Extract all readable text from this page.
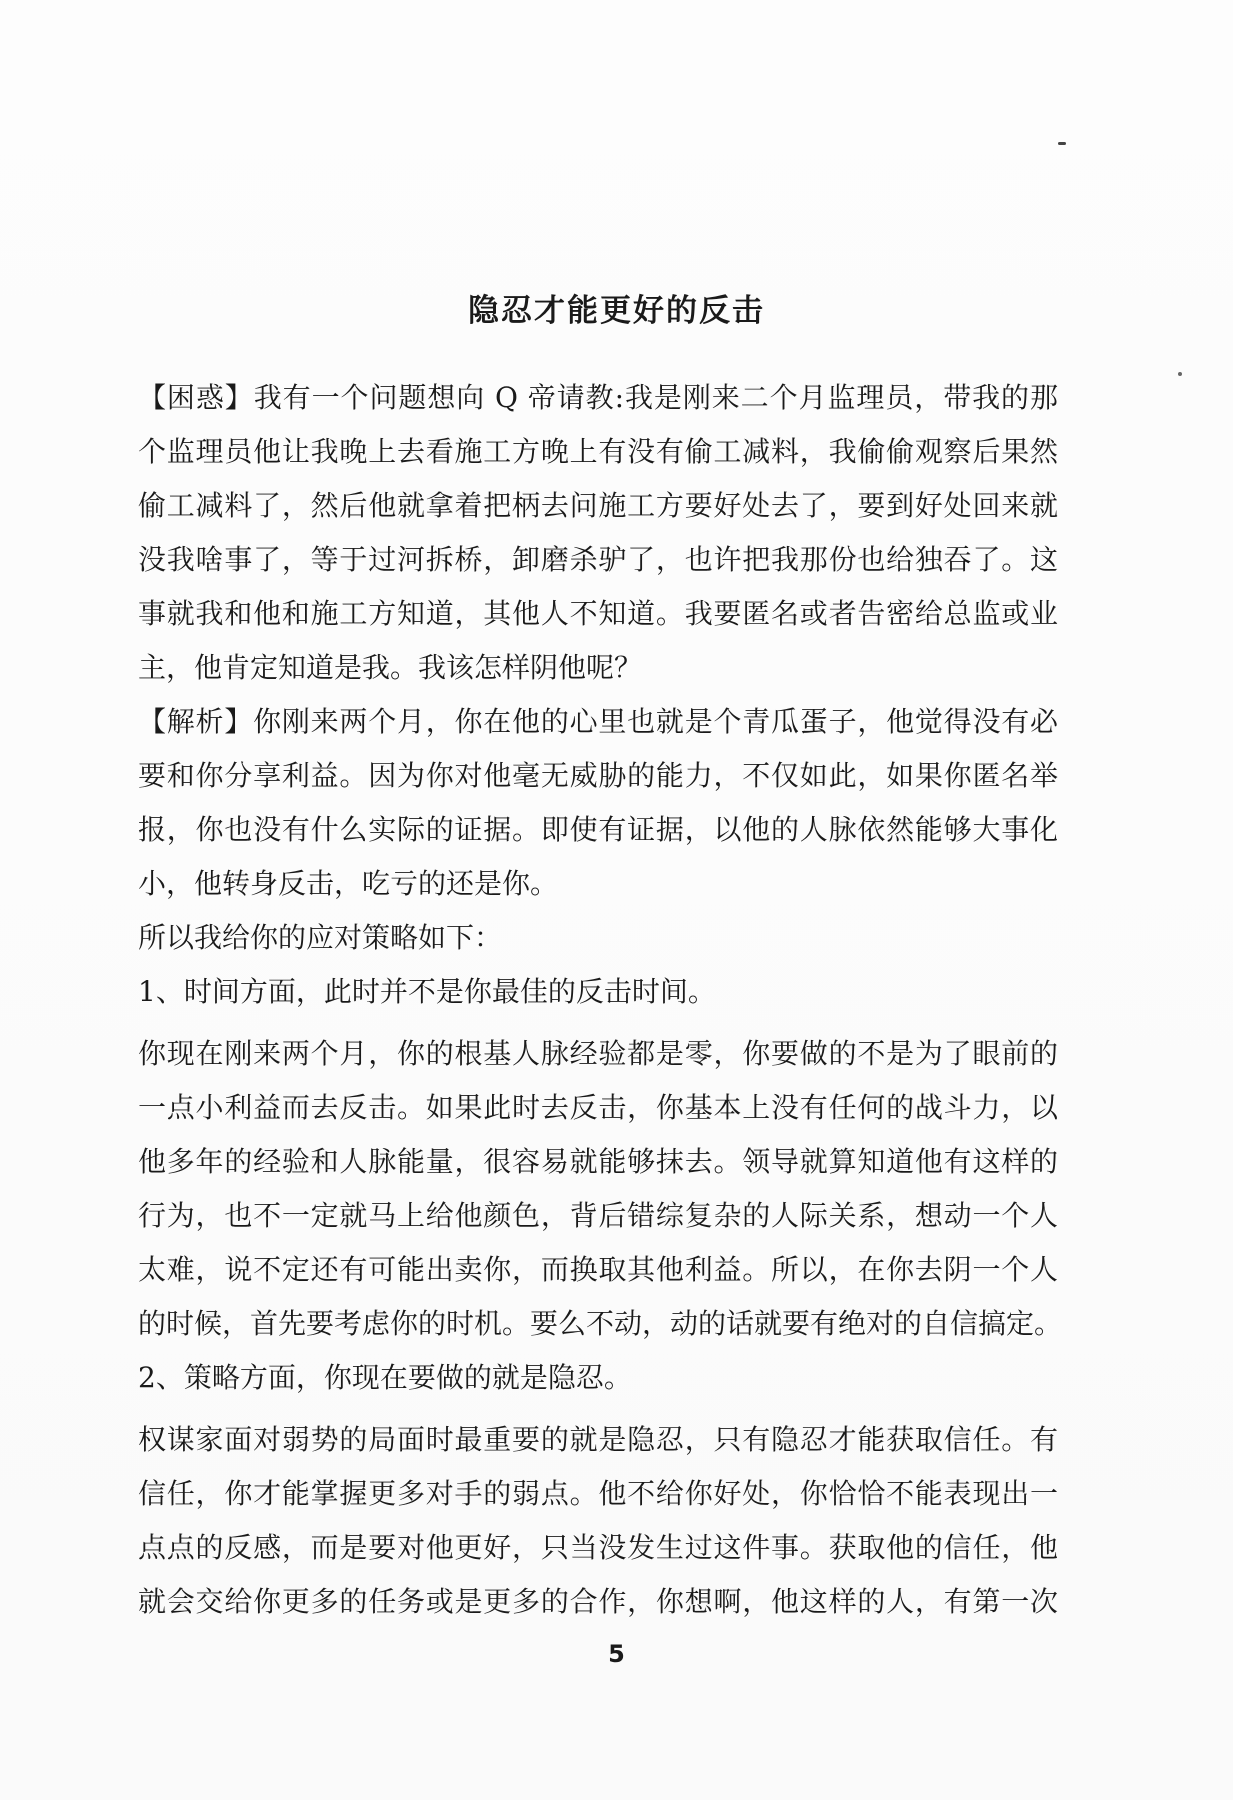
隐忍才能更好的反击
【困惑】我有一个问题想向 Q 帝请教:我是刚来二个月监理员，带我的那
个监理员他让我晚上去看施工方晚上有没有偷工减料，我偷偷观察后果然
偷工减料了，然后他就拿着把柄去问施工方要好处去了，要到好处回来就
没我啥事了，等于过河拆桥，卸磨杀驴了，也许把我那份也给独吞了。这
事就我和他和施工方知道，其他人不知道。我要匿名或者告密给总监或业
主，他肯定知道是我。我该怎样阴他呢？
【解析】你刚来两个月，你在他的心里也就是个青瓜蛋子，他觉得没有必
要和你分享利益。因为你对他毫无威胁的能力，不仅如此，如果你匿名举
报，你也没有什么实际的证据。即使有证据，以他的人脉依然能够大事化
小，他转身反击，吃亏的还是你。
所以我给你的应对策略如下：
1、时间方面，此时并不是你最佳的反击时间。
你现在刚来两个月，你的根基人脉经验都是零，你要做的不是为了眼前的
一点小利益而去反击。如果此时去反击，你基本上没有任何的战斗力，以
他多年的经验和人脉能量，很容易就能够抹去。领导就算知道他有这样的
行为，也不一定就马上给他颜色，背后错综复杂的人际关系，想动一个人
太难，说不定还有可能出卖你，而换取其他利益。所以，在你去阴一个人
的时候，首先要考虑你的时机。要么不动，动的话就要有绝对的自信搞定。
2、策略方面，你现在要做的就是隐忍。
权谋家面对弱势的局面时最重要的就是隐忍，只有隐忍才能获取信任。有
信任，你才能掌握更多对手的弱点。他不给你好处，你恰恰不能表现出一
点点的反感，而是要对他更好，只当没发生过这件事。获取他的信任，他
就会交给你更多的任务或是更多的合作，你想啊，他这样的人，有第一次
5
